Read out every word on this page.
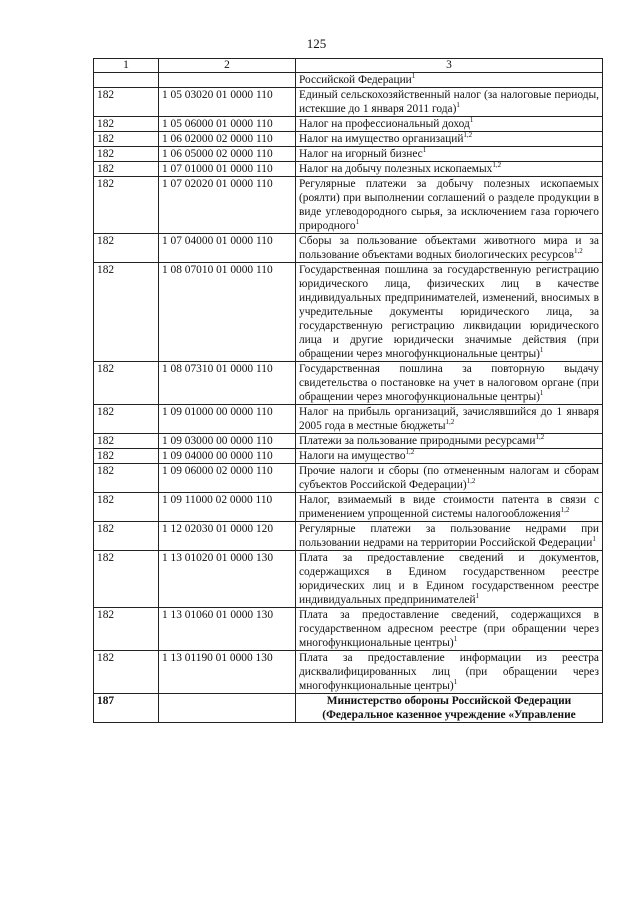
125
1	2	3
		Российской Федерации$^1$
182	1 05 03020 01 0000 110	Единый сельскохозяйственный налог (за налоговые периоды, истекшие до 1 января 2011 года)$^1$
182	1 05 06000 01 0000 110	Налог на профессиональный доход$^1$
182	1 06 02000 02 0000 110	Налог на имущество организаций$^{1,2}$
182	1 06 05000 02 0000 110	Налог на игорный бизнес$^1$
182	1 07 01000 01 0000 110	Налог на добычу полезных ископаемых$^{1,2}$
182	1 07 02020 01 0000 110	Регулярные платежи за добычу полезных ископаемых (роялти) при выполнении соглашений о разделе продукции в виде углеводородного сырья, за исключением газа горючего природного$^1$
182	1 07 04000 01 0000 110	Сборы за пользование объектами животного мира и за пользование объектами водных биологических ресурсов$^{1,2}$
182	1 08 07010 01 0000 110	Государственная пошлина за государственную регистрацию юридического лица, физических лиц в качестве индивидуальных предпринимателей, изменений, вносимых в учредительные документы юридического лица, за государственную регистрацию ликвидации юридического лица и другие юридически значимые действия (при обращении через многофункциональные центры)$^1$
182	1 08 07310 01 0000 110	Государственная пошлина за повторную выдачу свидетельства о постановке на учет в налоговом органе (при обращении через многофункциональные центры)$^1$
182	1 09 01000 00 0000 110	Налог на прибыль организаций, зачислявшийся до 1 января 2005 года в местные бюджеты$^{1,2}$
182	1 09 03000 00 0000 110	Платежи за пользование природными ресурсами$^{1,2}$
182	1 09 04000 00 0000 110	Налоги на имущество$^{1,2}$
182	1 09 06000 02 0000 110	Прочие налоги и сборы (по отмененным налогам и сборам субъектов Российской Федерации)$^{1,2}$
182	1 09 11000 02 0000 110	Налог, взимаемый в виде стоимости патента в связи с применением упрощенной системы налогообложения$^{1,2}$
182	1 12 02030 01 0000 120	Регулярные платежи за пользование недрами при пользовании недрами на территории Российской Федерации$^1$
182	1 13 01020 01 0000 130	Плата за предоставление сведений и документов, содержащихся в Едином государственном реестре юридических лиц и в Едином государственном реестре индивидуальных предпринимателей$^1$
182	1 13 01060 01 0000 130	Плата за предоставление сведений, содержащихся в государственном адресном реестре (при обращении через многофункциональные центры)$^1$
182	1 13 01190 01 0000 130	Плата за предоставление информации из реестра дисквалифицированных лиц (при обращении через многофункциональные центры)$^1$
187		Министерство обороны Российской Федерации (Федеральное казенное учреждение «Управление
